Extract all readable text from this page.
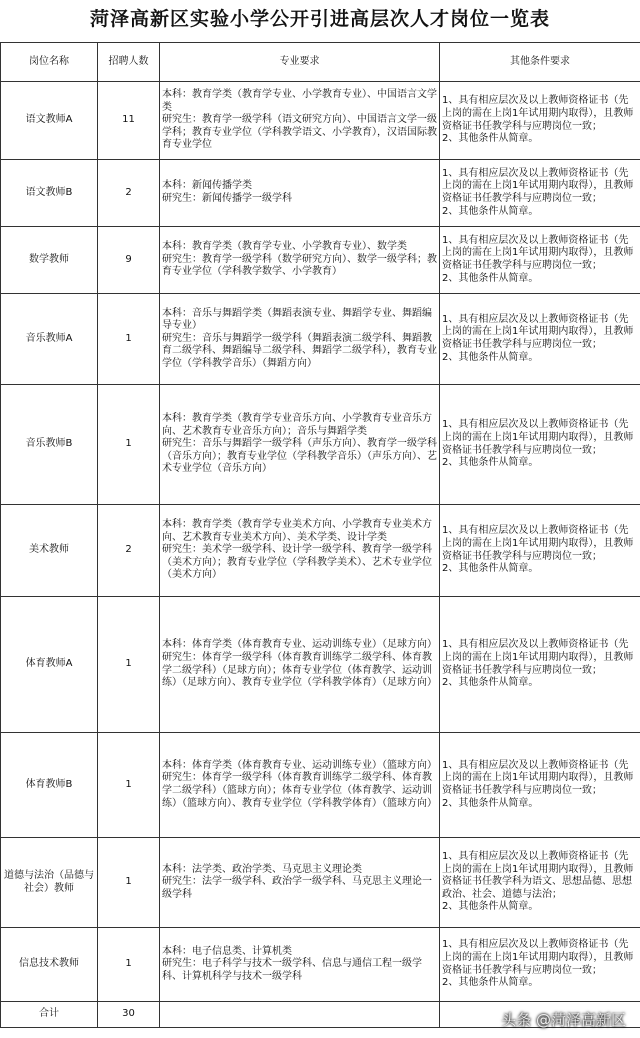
菏泽高新区实验小学公开引进高层次人才岗位一览表
岗位名称	招聘人数	专业要求	其他条件要求
语文教师A	11	本科：教育学类（教育学专业、小学教育专业）、中国语言文学类
研究生：教育学一级学科（语文研究方向）、中国语言文学一级学科；教育专业学位（学科教学语文、小学教育），汉语国际教育专业学位	1、具有相应层次及以上教师资格证书（先上岗的需在上岗1年试用期内取得），且教师资格证书任教学科与应聘岗位一致；
2、其他条件从简章。
语文教师B	2	本科：新闻传播学类
研究生：新闻传播学一级学科	1、具有相应层次及以上教师资格证书（先上岗的需在上岗1年试用期内取得），且教师资格证书任教学科与应聘岗位一致；
2、其他条件从简章。
数学教师	9	本科：教育学类（教育学专业、小学教育专业）、数学类
研究生：教育学一级学科（数学研究方向）、数学一级学科；教育专业学位（学科教学数学、小学教育）	1、具有相应层次及以上教师资格证书（先上岗的需在上岗1年试用期内取得），且教师资格证书任教学科与应聘岗位一致；
2、其他条件从简章。
音乐教师A	1	本科：音乐与舞蹈学类（舞蹈表演专业、舞蹈学专业、舞蹈编导专业）
研究生：音乐与舞蹈学一级学科（舞蹈表演二级学科、舞蹈教育二级学科、舞蹈编导二级学科、舞蹈学二级学科），教育专业学位（学科教学音乐）（舞蹈方向）	1、具有相应层次及以上教师资格证书（先上岗的需在上岗1年试用期内取得），且教师资格证书任教学科与应聘岗位一致；
2、其他条件从简章。
音乐教师B	1	本科：教育学类（教育学专业音乐方向、小学教育专业音乐方向、艺术教育专业音乐方向）；音乐与舞蹈学类
研究生：音乐与舞蹈学一级学科（声乐方向）、教育学一级学科（音乐方向）；教育专业学位（学科教学音乐）（声乐方向）、艺术专业学位（音乐方向）	1、具有相应层次及以上教师资格证书（先上岗的需在上岗1年试用期内取得），且教师资格证书任教学科与应聘岗位一致；
2、其他条件从简章。
美术教师	2	本科：教育学类（教育学专业美术方向、小学教育专业美术方向、艺术教育专业美术方向）、美术学类、设计学类
研究生：美术学一级学科、设计学一级学科、教育学一级学科（美术方向）；教育专业学位（学科教学美术）、艺术专业学位（美术方向）	1、具有相应层次及以上教师资格证书（先上岗的需在上岗1年试用期内取得），且教师资格证书任教学科与应聘岗位一致；
2、其他条件从简章。
体育教师A	1	本科：体育学类（体育教育专业、运动训练专业）（足球方向）
研究生：体育学一级学科（体育教育训练学二级学科、体育教学二级学科）（足球方向）；体育专业学位（体育教学、运动训练）（足球方向）、教育专业学位（学科教学体育）（足球方向）	1、具有相应层次及以上教师资格证书（先上岗的需在上岗1年试用期内取得），且教师资格证书任教学科与应聘岗位一致；
2、其他条件从简章。
体育教师B	1	本科：体育学类（体育教育专业、运动训练专业）（篮球方向）
研究生：体育学一级学科（体育教育训练学二级学科、体育教学二级学科）（篮球方向）；体育专业学位（体育教学、运动训练）（篮球方向）、教育专业学位（学科教学体育）（篮球方向）	1、具有相应层次及以上教师资格证书（先上岗的需在上岗1年试用期内取得），且教师资格证书任教学科与应聘岗位一致；
2、其他条件从简章。
道德与法治（品德与社会）教师	1	本科：法学类、政治学类、马克思主义理论类
研究生：法学一级学科、政治学一级学科、马克思主义理论一级学科	1、具有相应层次及以上教师资格证书（先上岗的需在上岗1年试用期内取得），且教师资格证书任教学科为语文、思想品德、思想政治、社会、道德与法治；
2、其他条件从简章。
信息技术教师	1	本科：电子信息类、计算机类
研究生：电子科学与技术一级学科、信息与通信工程一级学科、计算机科学与技术一级学科	1、具有相应层次及以上教师资格证书（先上岗的需在上岗1年试用期内取得），且教师资格证书任教学科与应聘岗位一致；
2、其他条件从简章。
合计	30			头条 @菏泽高新区
